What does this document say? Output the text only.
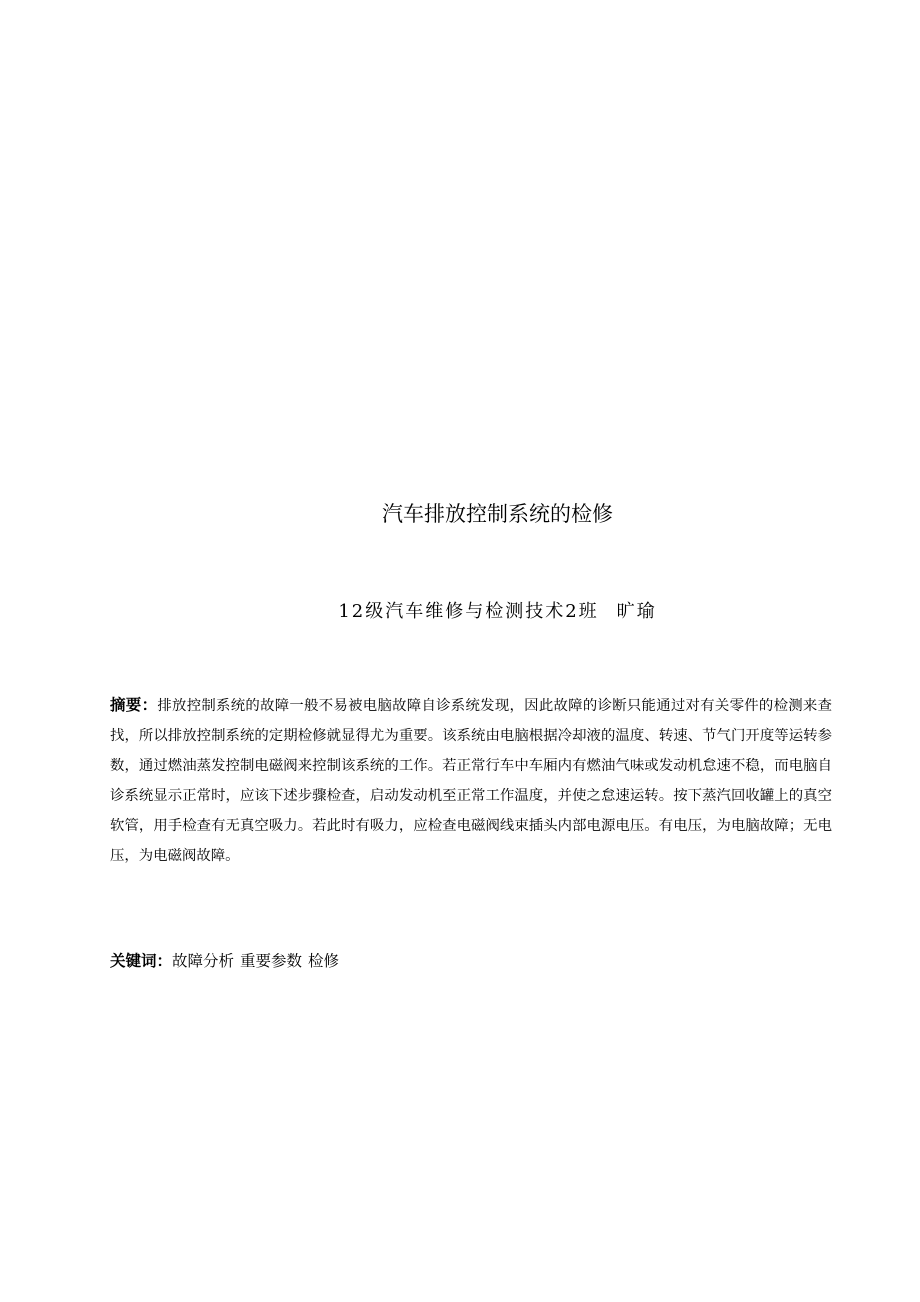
汽车排放控制系统的检修
12级汽车维修与检测技术2班 旷瑜
摘要：排放控制系统的故障一般不易被电脑故障自诊系统发现，因此故障的诊断只能通过对有关零件的检测来查找，所以排放控制系统的定期检修就显得尤为重要。该系统由电脑根据冷却液的温度、转速、节气门开度等运转参数，通过燃油蒸发控制电磁阀来控制该系统的工作。若正常行车中车厢内有燃油气味或发动机怠速不稳，而电脑自诊系统显示正常时，应该下述步骤检查，启动发动机至正常工作温度，并使之怠速运转。按下蒸汽回收罐上的真空软管，用手检查有无真空吸力。若此时有吸力，应检查电磁阀线束插头内部电源电压。有电压，为电脑故障；无电压，为电磁阀故障。
关键词：故障分析 重要参数 检修
